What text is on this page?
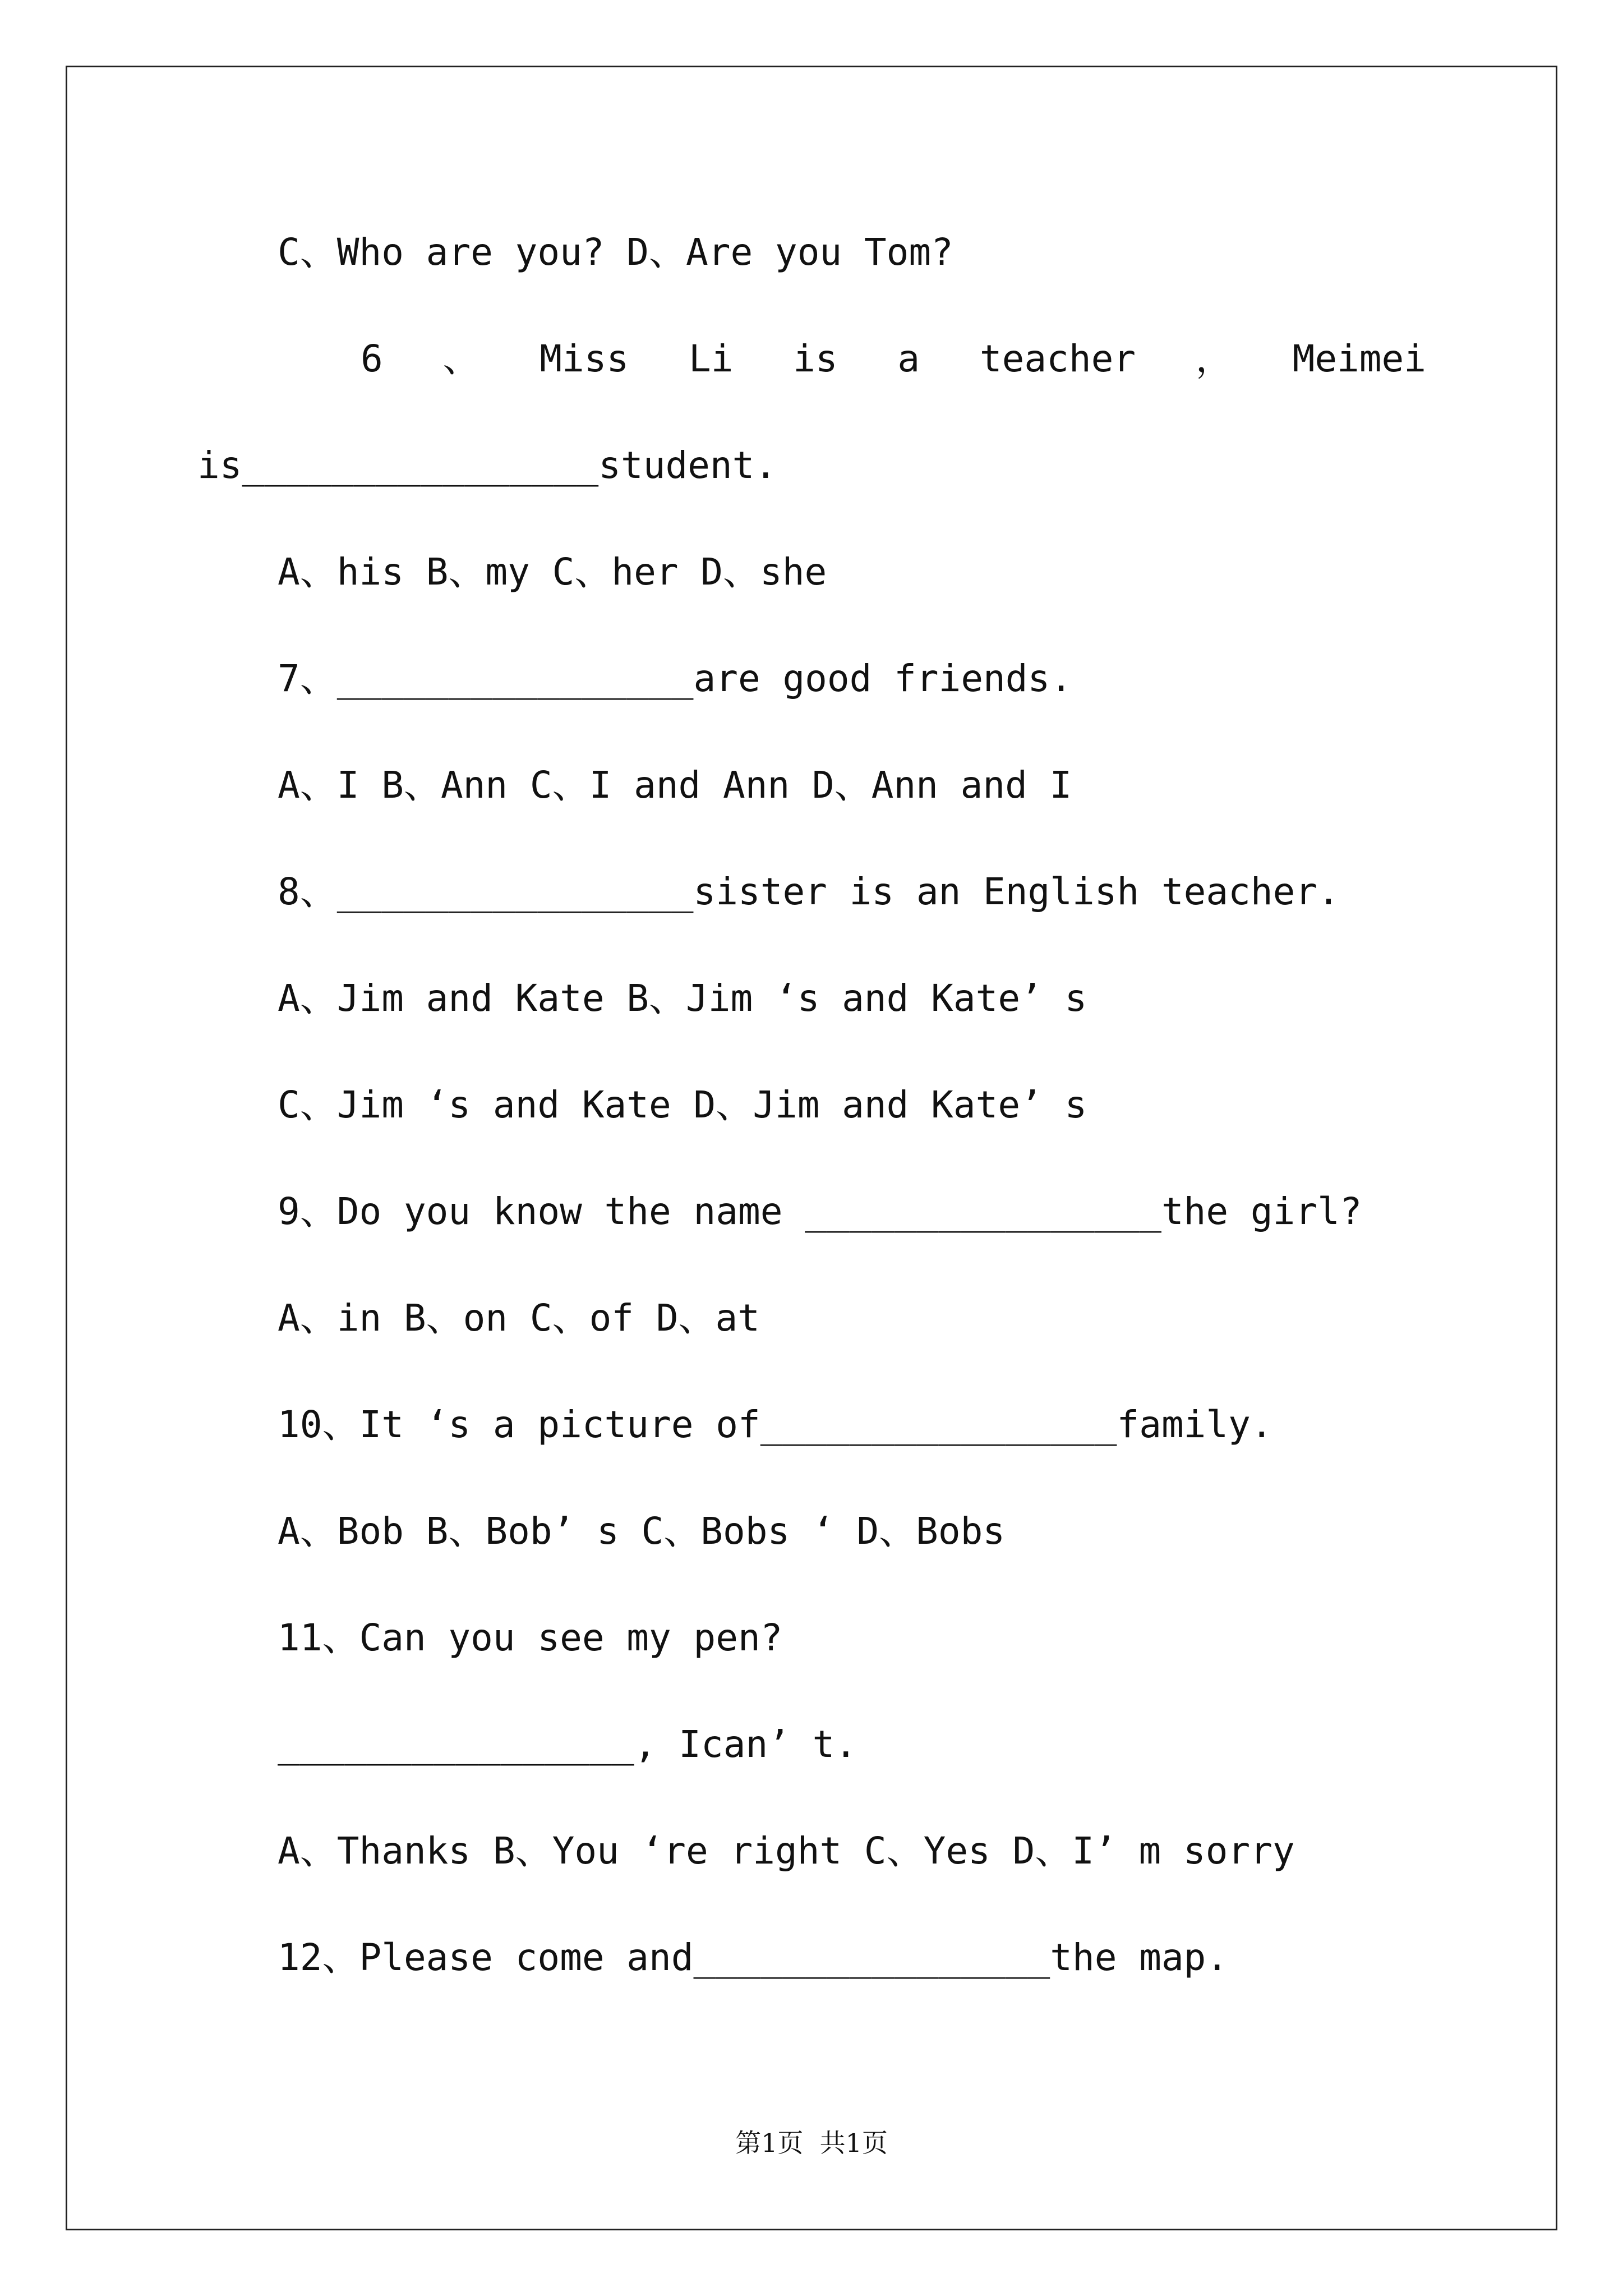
C、Who are you? D、Are you Tom?
6 、 Miss Li is a teacher ， Meimei
is________________student.
A、his B、my C、her D、she
7、________________are good friends.
A、I B、Ann C、I and Ann D、Ann and I
8、________________sister is an English teacher.
A、Jim and Kate B、Jim ‘s and Kate’ s
C、Jim ‘s and Kate D、Jim and Kate’ s
9、Do you know the name ________________the girl?
A、in B、on C、of D、at
10、It ‘s a picture of________________family.
A、Bob B、Bob’ s C、Bobs ‘ D、Bobs
11、Can you see my pen?
________________, Ican’ t.
A、Thanks B、You ‘re right C、Yes D、I’ m sorry
12、Please come and________________the map.
第1页  共1页
